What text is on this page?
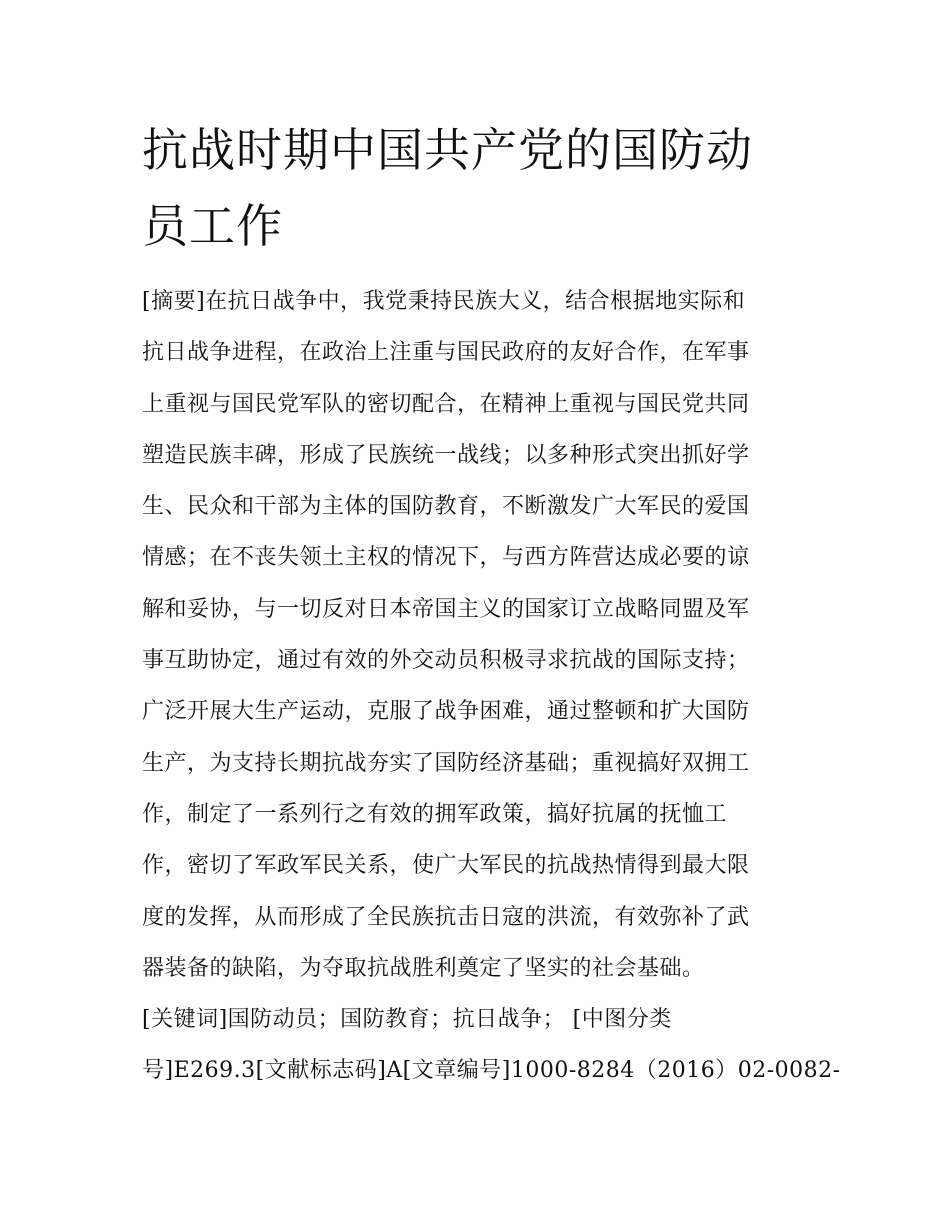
抗战时期中国共产党的国防动
员工作
[摘要]在抗日战争中，我党秉持民族大义，结合根据地实际和
抗日战争进程，在政治上注重与国民政府的友好合作，在军事
上重视与国民党军队的密切配合，在精神上重视与国民党共同
塑造民族丰碑，形成了民族统一战线；以多种形式突出抓好学
生、民众和干部为主体的国防教育，不断激发广大军民的爱国
情感；在不丧失领土主权的情况下，与西方阵营达成必要的谅
解和妥协，与一切反对日本帝国主义的国家订立战略同盟及军
事互助协定，通过有效的外交动员积极寻求抗战的国际支持；
广泛开展大生产运动，克服了战争困难，通过整顿和扩大国防
生产，为支持长期抗战夯实了国防经济基础；重视搞好双拥工
作，制定了一系列行之有效的拥军政策，搞好抗属的抚恤工
作，密切了军政军民关系，使广大军民的抗战热情得到最大限
度的发挥，从而形成了全民族抗击日寇的洪流，有效弥补了武
器装备的缺陷，为夺取抗战胜利奠定了坚实的社会基础。
[关键词]国防动员；国防教育；抗日战争； [中图分类
号]E269.3[文献标志码]A[文章编号]1000-8284（2016）02-0082-
